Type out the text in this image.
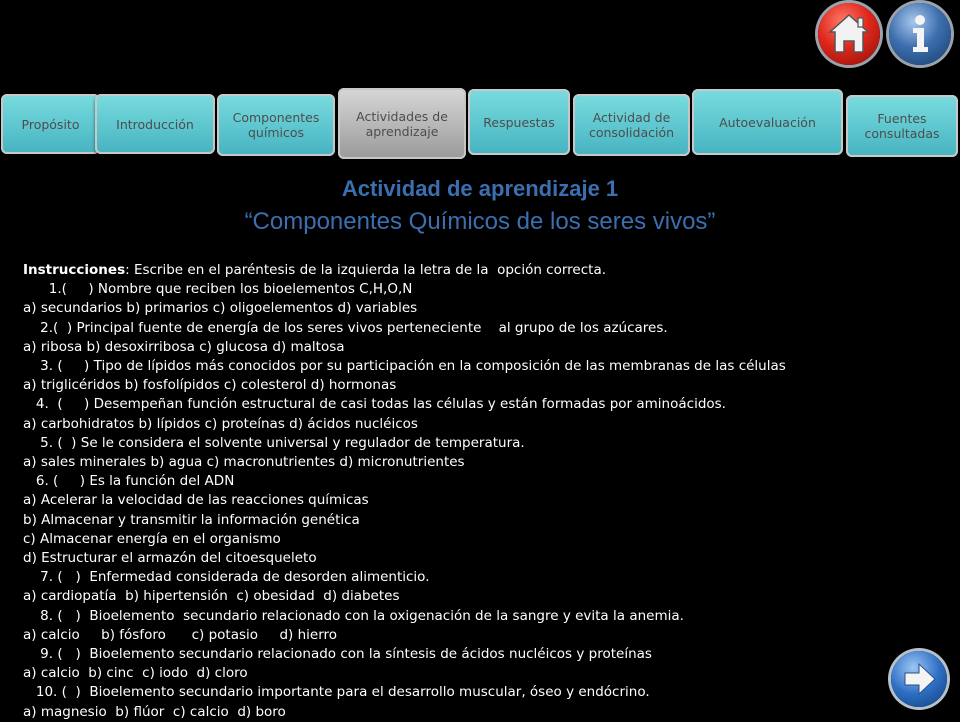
Propósito	Introducción	Componentes químicos
Actividades de aprendizaje
Respuestas	Actividad de consolidación
Autoevaluación	Fuentes consultadas
Actividad de aprendizaje 1
“Componentes Químicos de los seres vivos”
Instrucciones: Escribe en el paréntesis de la izquierda la letra de la  opción correcta.
1.(     ) Nombre que reciben los bioelementos C,H,O,N
a) secundarios b) primarios c) oligoelementos d) variables
2.(  ) Principal fuente de energía de los seres vivos perteneciente    al grupo de los azúcares.
a) ribosa b) desoxirribosa c) glucosa d) maltosa
3. (     ) Tipo de lípidos más conocidos por su participación en la composición de las membranas de las células
a) triglicéridos b) fosfolípidos c) colesterol d) hormonas
4.  (     ) Desempeñan función estructural de casi todas las células y están formadas por aminoácidos.
a) carbohidratos b) lípidos c) proteínas d) ácidos nucléicos
5. (  ) Se le considera el solvente universal y regulador de temperatura.
a) sales minerales b) agua c) macronutrientes d) micronutrientes
6. (     ) Es la función del ADN
a) Acelerar la velocidad de las reacciones químicas
b) Almacenar y transmitir la información genética
c) Almacenar energía en el organismo
d) Estructurar el armazón del citoesqueleto
7. (   )  Enfermedad considerada de desorden alimenticio.
a) cardiopatía  b) hipertensión  c) obesidad  d) diabetes
8. (   )  Bioelemento  secundario relacionado con la oxigenación de la sangre y evita la anemia.
a) calcio     b) fósforo      c) potasio     d) hierro
9. (   )  Bioelemento secundario relacionado con la síntesis de ácidos nucléicos y proteínas
a) calcio  b) cinc  c) iodo  d) cloro
10. (  )  Bioelemento secundario importante para el desarrollo muscular, óseo y endócrino.
a) magnesio  b) flúor  c) calcio  d) boro
